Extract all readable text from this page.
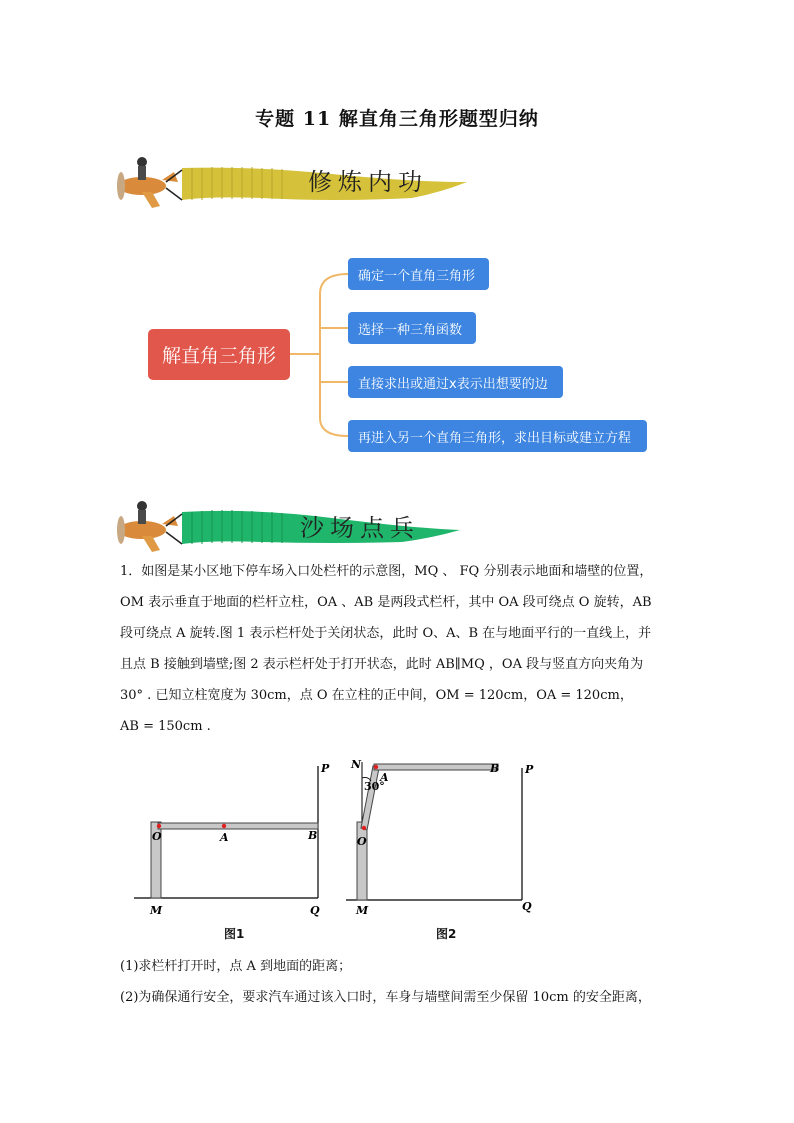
专题 11 解直角三角形题型归纳
修炼内功
解直角三角形
确定一个直角三角形
选择一种三角函数
直接求出或通过x表示出想要的边
再进入另一个直角三角形，求出目标或建立方程
沙场点兵

1．如图是某小区地下停车场入口处栏杆的示意图，MQ 、 FQ 分别表示地面和墙壁的位置，

OM 表示垂直于地面的栏杆立柱，OA 、AB 是两段式栏杆，其中 OA 段可绕点 O 旋转，AB

段可绕点 A 旋转.图 1 表示栏杆处于关闭状态，此时 O、A、B 在与地面平行的一直线上，并

且点 B 接触到墙壁;图 2 表示栏杆处于打开状态，此时 AB∥MQ ，OA 段与竖直方向夹角为

30° . 已知立柱宽度为 30cm，点 O 在立柱的正中间，OM = 120cm，OA = 120cm，

AB = 150cm .

O	A	B
P
M	Q
图1
N
30°
A
B P
O
M	Q
图2
(1)求栏杆打开时，点 A 到地面的距离；
(2)为确保通行安全，要求汽车通过该入口时，车身与墙壁间需至少保留 10cm 的安全距离，
